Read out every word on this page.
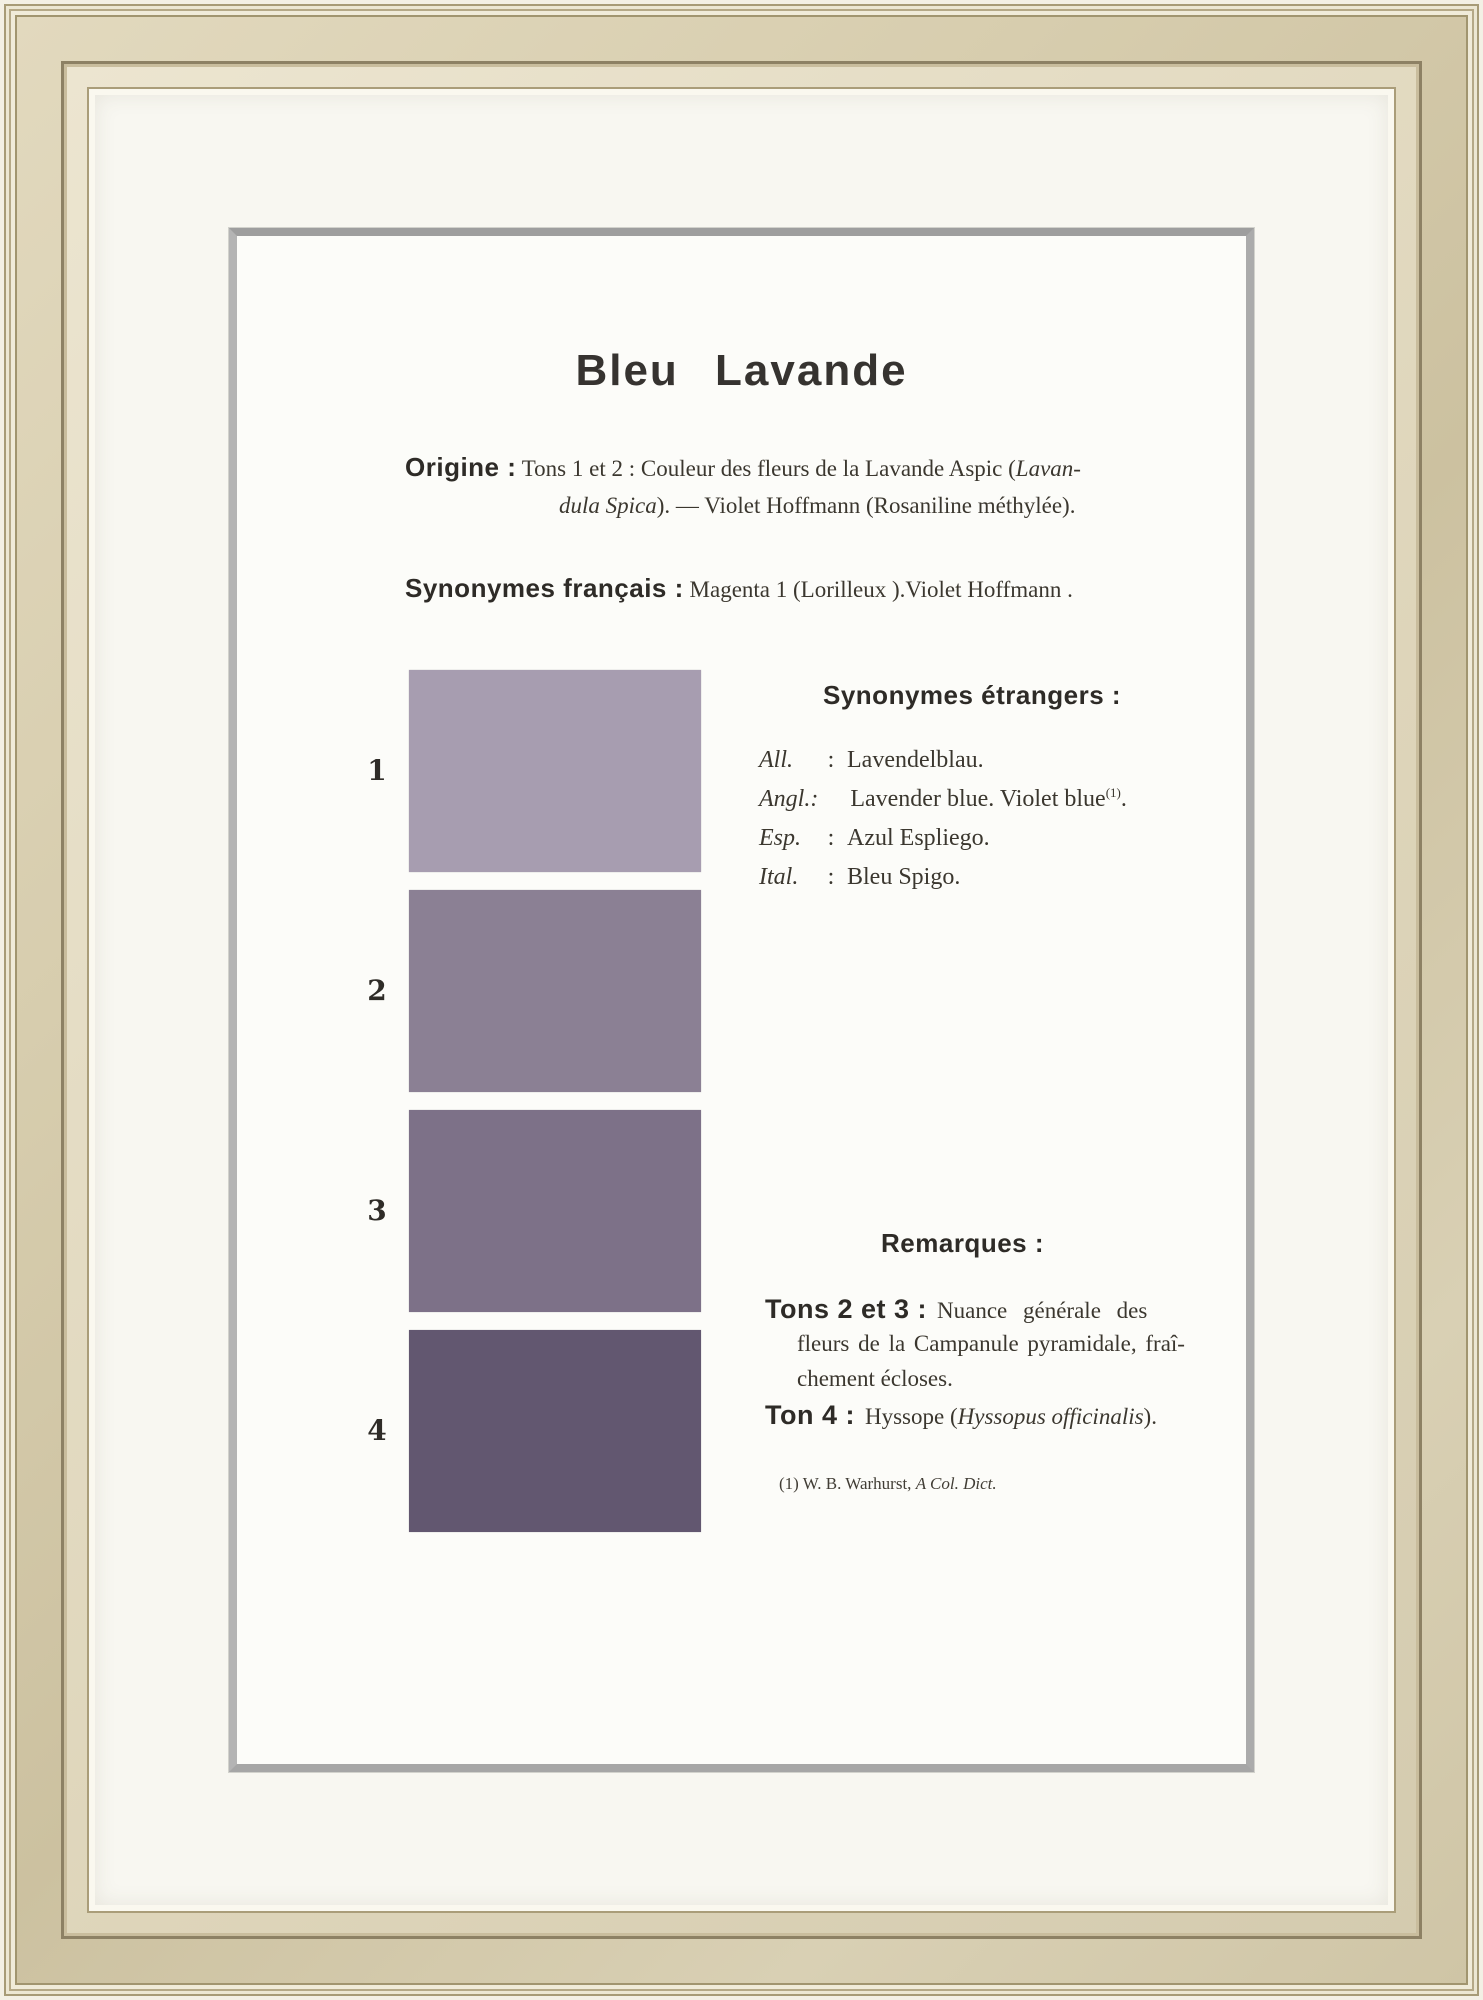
Bleu Lavande
Origine : Tons 1 et 2 : Couleur des fleurs de la Lavande Aspic (Lavan-
dula Spica). — Violet Hoffmann (Rosaniline méthylée).
Synonymes français : Magenta 1 (Lorilleux ).Violet Hoffmann .
1
2
3
4
Synonymes étrangers :
All. : Lavendelblau.
Angl.: Lavender blue. Violet blue$^{(1)}$.
Esp. : Azul Espliego.
Ital. : Bleu Spigo.
Remarques :
Tons 2 et 3 : Nuance générale des
fleurs de la Campanule pyramidale, fraî-
chement écloses.
Ton 4 : Hyssope (Hyssopus officinalis).
(1) W. B. Warhurst, A Col. Dict.
